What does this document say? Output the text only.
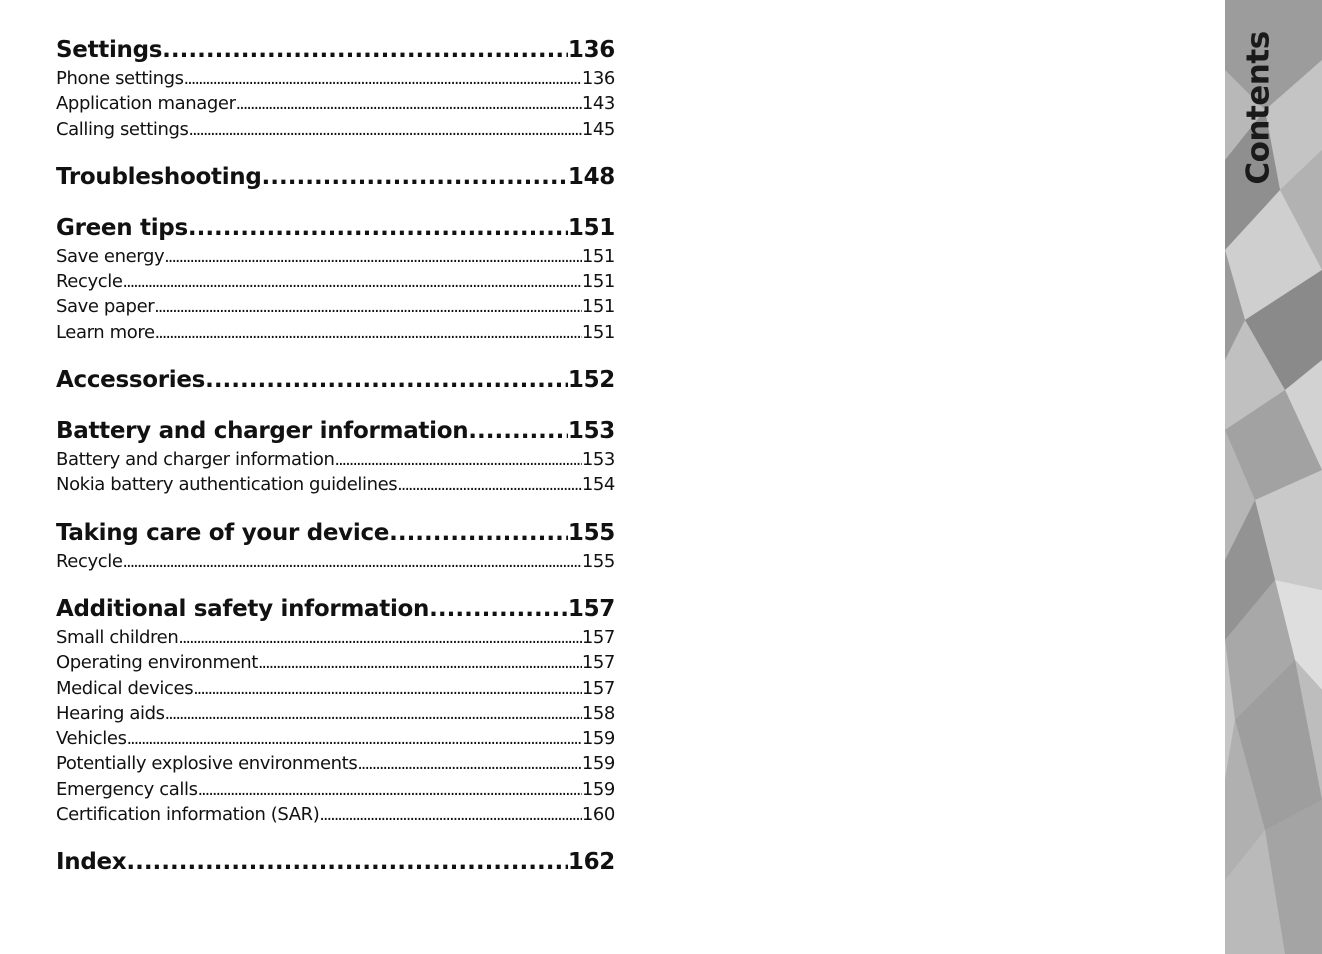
Settings .....	136
Phone settings .....	136
Application manager .....	143
Calling settings .....	145
Troubleshooting .....	148
Green tips .....	151
Save energy .....	151
Recycle .....	151
Save paper .....	151
Learn more .....	151
Accessories .....	152
Battery and charger information .....	153
Battery and charger information .....	153
Nokia battery authentication guidelines .....	154
Taking care of your device .....	155
Recycle .....	155
Additional safety information .....	157
Small children .....	157
Operating environment .....	157
Medical devices .....	157
Hearing aids .....	158
Vehicles .....	159
Potentially explosive environments .....	159
Emergency calls .....	159
Certification information (SAR) .....	160
Index .....	162
Contents
